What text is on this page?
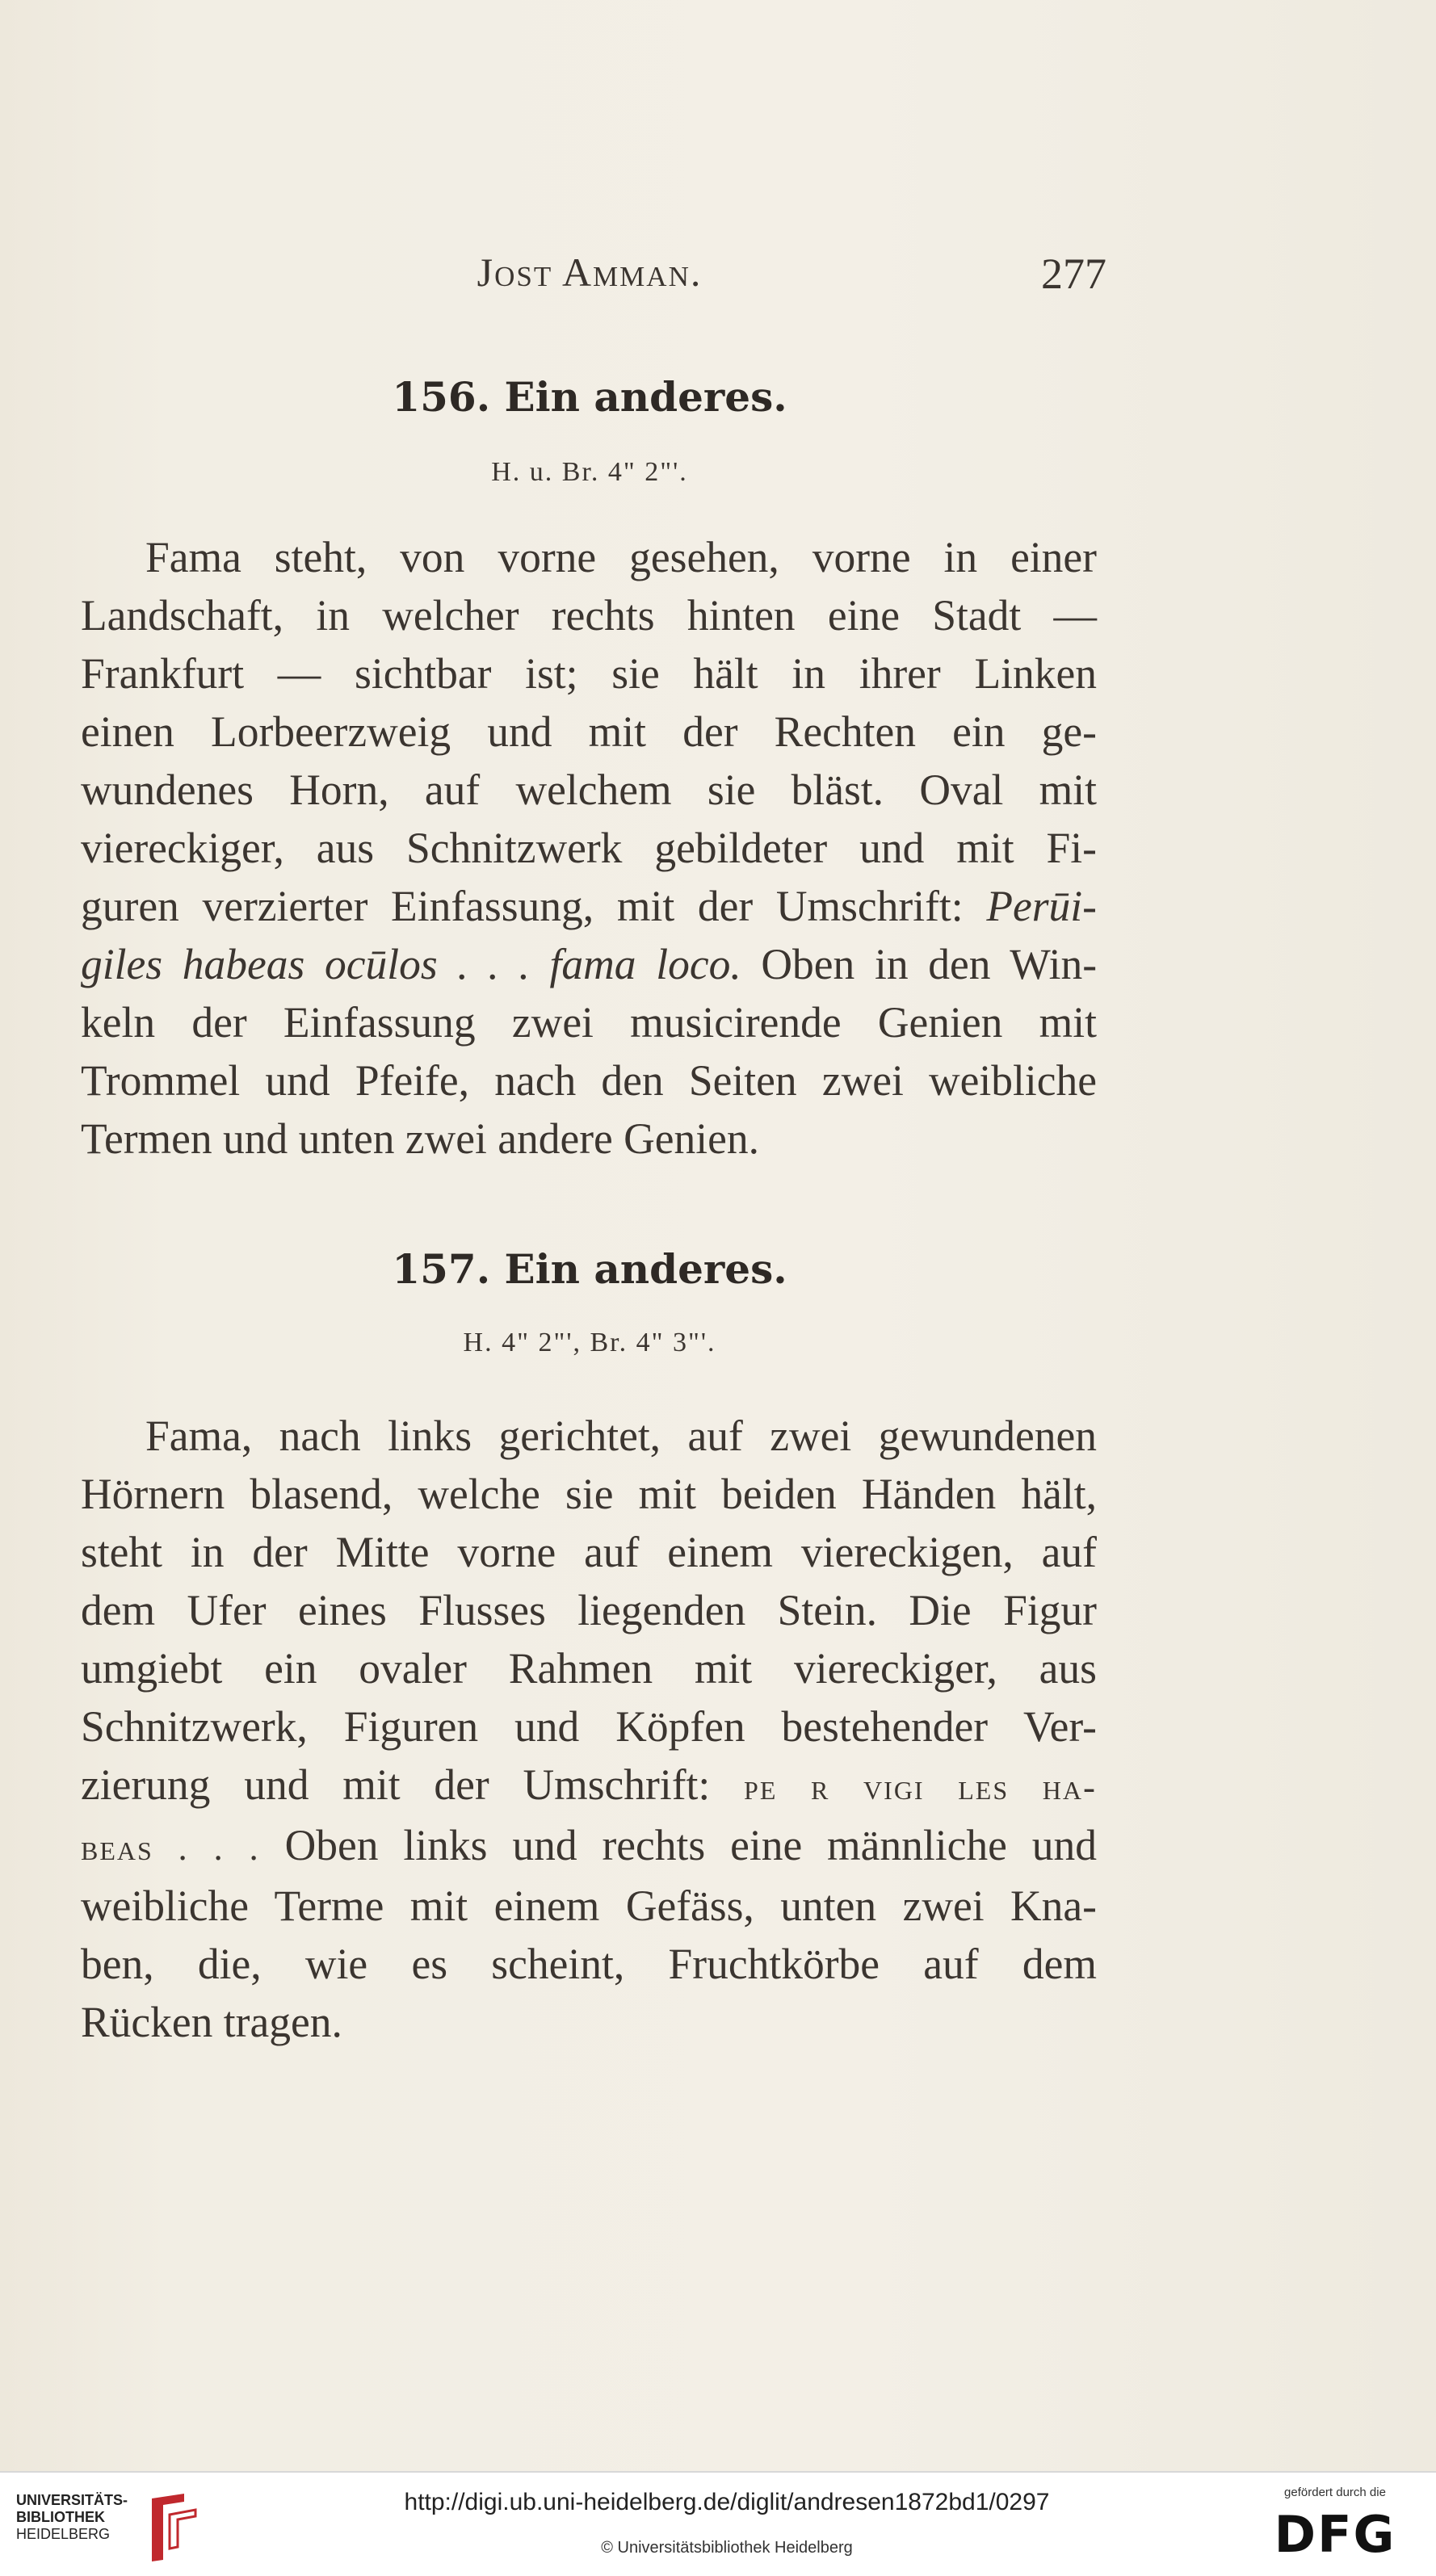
Jost Amman.	277
156. Ein anderes.
H. u. Br. 4" 2"'.
Fama steht, von vorne gesehen, vorne in einer
Landschaft, in welcher rechts hinten eine Stadt —
Frankfurt — sichtbar ist; sie hält in ihrer Linken
einen Lorbeerzweig und mit der Rechten ein ge-
wundenes Horn, auf welchem sie bläst. Oval mit
viereckiger, aus Schnitzwerk gebildeter und mit Fi-
guren verzierter Einfassung, mit der Umschrift: Perūi-
giles habeas ocūlos . . . fama loco. Oben in den Win-
keln der Einfassung zwei musicirende Genien mit
Trommel und Pfeife, nach den Seiten zwei weibliche
Termen und unten zwei andere Genien.
157. Ein anderes.
H. 4" 2"', Br. 4" 3"'.
Fama, nach links gerichtet, auf zwei gewundenen
Hörnern blasend, welche sie mit beiden Händen hält,
steht in der Mitte vorne auf einem viereckigen, auf
dem Ufer eines Flusses liegenden Stein. Die Figur
umgiebt ein ovaler Rahmen mit viereckiger, aus
Schnitzwerk, Figuren und Köpfen bestehender Ver-
zierung und mit der Umschrift: pe r vigi les ha-
beas . . . Oben links und rechts eine männliche und
weibliche Terme mit einem Gefäss, unten zwei Kna-
ben, die, wie es scheint, Fruchtkörbe auf dem
Rücken tragen.
UNIVERSITÄTS-
BIBLIOTHEK
HEIDELBERG
http://digi.ub.uni-heidelberg.de/diglit/andresen1872bd1/0297
© Universitätsbibliothek Heidelberg
gefördert durch die
DFG
